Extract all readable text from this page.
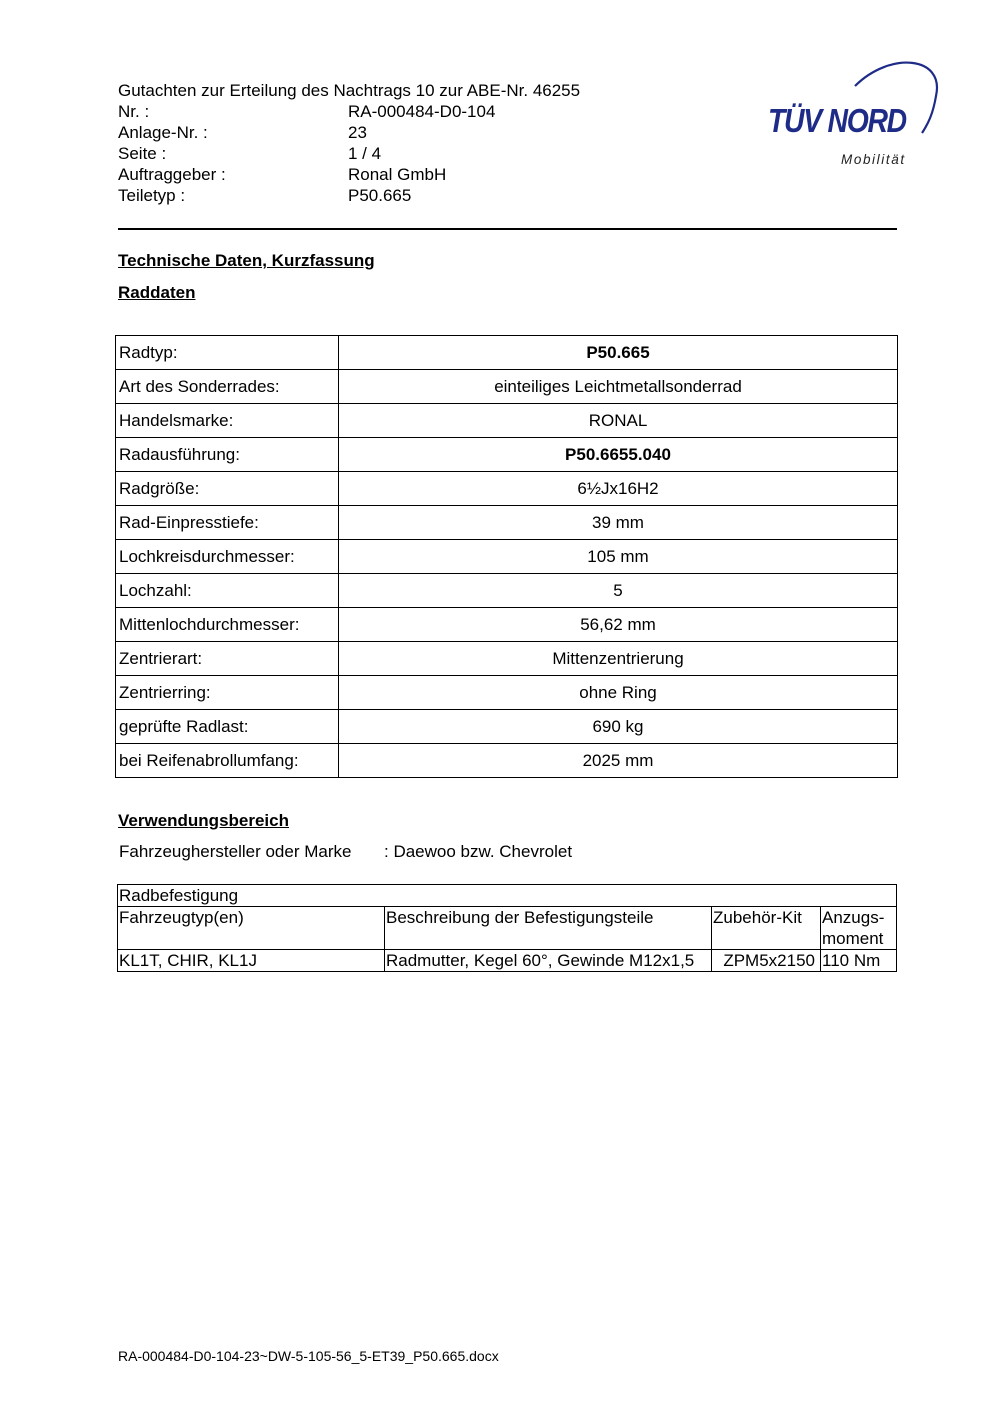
Gutachten zur Erteilung des Nachtrags 10 zur ABE-Nr. 46255
Nr. :	RA-000484-D0-104
Anlage-Nr. :	23
Seite :	1 / 4
Auftraggeber :	Ronal GmbH
Teiletyp :	P50.665
TÜV NORD
Mobilität
Technische Daten, Kurzfassung
Raddaten
Radtyp:	P50.665
Art des Sonderrades:	einteiliges Leichtmetallsonderrad
Handelsmarke:	RONAL
Radausführung:	P50.6655.040
Radgröße:	6½Jx16H2
Rad-Einpresstiefe:	39 mm
Lochkreisdurchmesser:	105 mm
Lochzahl:	5
Mittenlochdurchmesser:	56,62 mm
Zentrierart:	Mittenzentrierung
Zentrierring:	ohne Ring
geprüfte Radlast:	690 kg
bei Reifenabrollumfang:	2025 mm
Verwendungsbereich
Fahrzeughersteller oder Marke : Daewoo bzw. Chevrolet
Radbefestigung			
Fahrzeugtyp(en)	Beschreibung der Befestigungsteile	Zubehör-Kit	Anzugs-
moment
KL1T, CHIR, KL1J	Radmutter, Kegel 60°, Gewinde M12x1,5	ZPM5x2150	110 Nm
RA-000484-D0-104-23~DW-5-105-56_5-ET39_P50.665.docx
